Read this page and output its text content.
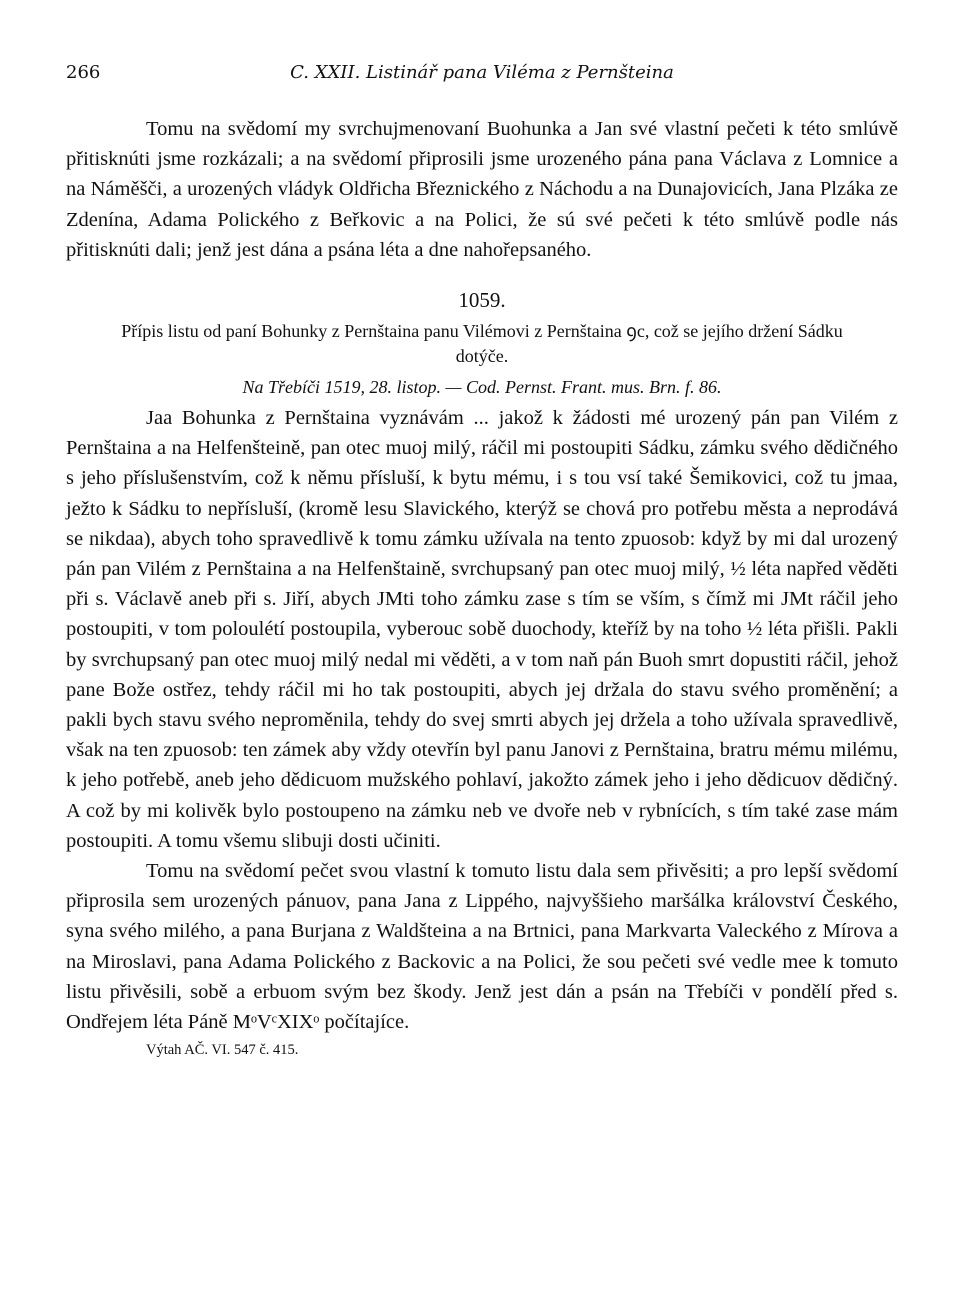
266	C. XXII. Listinář pana Viléma z Pernšteina

Tomu na svědomí my svrchujmenovaní Buohunka a Jan své vlastní pečeti k této smlúvě přitisknúti jsme rozkázali; a na svědomí připrosili jsme urozeného pána pana Václava z Lomnice a na Náměšči, a urozených vládyk Oldřicha Březnického z Náchodu a na Dunajovicích, Jana Plzáka ze Zdenína, Adama Polického z Beřkovic a na Polici, že sú své pečeti k této smlúvě podle nás přitisknúti dali; jenž jest dána a psána léta a dne nahořepsaného.

1059.
Přípis listu od paní Bohunky z Pernštaina panu Vilémovi z Pernštaina ꝯc, což se jejího držení Sádku dotýče.
Na Třebíči 1519, 28. listop. — Cod. Pernst. Frant. mus. Brn. f. 86.

Jaa Bohunka z Pernštaina vyznávám ... jakož k žádosti mé urozený pán pan Vilém z Pernštaina a na Helfenšteině, pan otec muoj milý, ráčil mi postoupiti Sádku, zámku svého dědičného s jeho příslušenstvím, což k němu přísluší, k bytu mému, i s tou vsí také Šemikovici, což tu jmaa, ježto k Sádku to nepřísluší, (kromě lesu Slavického, kterýž se chová pro potřebu města a neprodává se nikdaa), abych toho spravedlivě k tomu zámku užívala na tento zpuosob: když by mi dal urozený pán pan Vilém z Pernštaina a na Helfenštaině, svrchupsaný pan otec muoj milý, ½ léta napřed věděti při s. Václavě aneb při s. Jiří, abych JMti toho zámku zase s tím se vším, s čímž mi JMt ráčil jeho postoupiti, v tom poloulétí postoupila, vyberouc sobě duochody, kteříž by na toho ½ léta přišli. Pakli by svrchupsaný pan otec muoj milý nedal mi věděti, a v tom naň pán Buoh smrt dopustiti ráčil, jehož pane Bože ostřez, tehdy ráčil mi ho tak postoupiti, abych jej držala do stavu svého proměnění; a pakli bych stavu svého neproměnila, tehdy do svej smrti abych jej držela a toho užívala spravedlivě, však na ten zpuosob: ten zámek aby vždy otevřín byl panu Janovi z Pernštaina, bratru mému milému, k jeho potřebě, aneb jeho dědicuom mužského pohlaví, jakožto zámek jeho i jeho dědicuov dědičný. A což by mi kolivěk bylo postoupeno na zámku neb ve dvoře neb v rybnících, s tím také zase mám postoupiti. A tomu všemu slibuji dosti učiniti.

Tomu na svědomí pečet svou vlastní k tomuto listu dala sem přivěsiti; a pro lepší svědomí připrosila sem urozených pánuov, pana Jana z Lippého, najvyššieho maršálka království Českého, syna svého milého, a pana Burjana z Waldšteina a na Brtnici, pana Markvarta Valeckého z Mírova a na Miroslavi, pana Adama Polického z Backovic a na Polici, že sou pečeti své vedle mee k tomuto listu přivěsili, sobě a erbuom svým bez škody. Jenž jest dán a psán na Třebíči v pondělí před s. Ondřejem léta Páně MᵒVᶜXIXᵒ počítajíce.

Výtah AČ. VI. 547 č. 415.
